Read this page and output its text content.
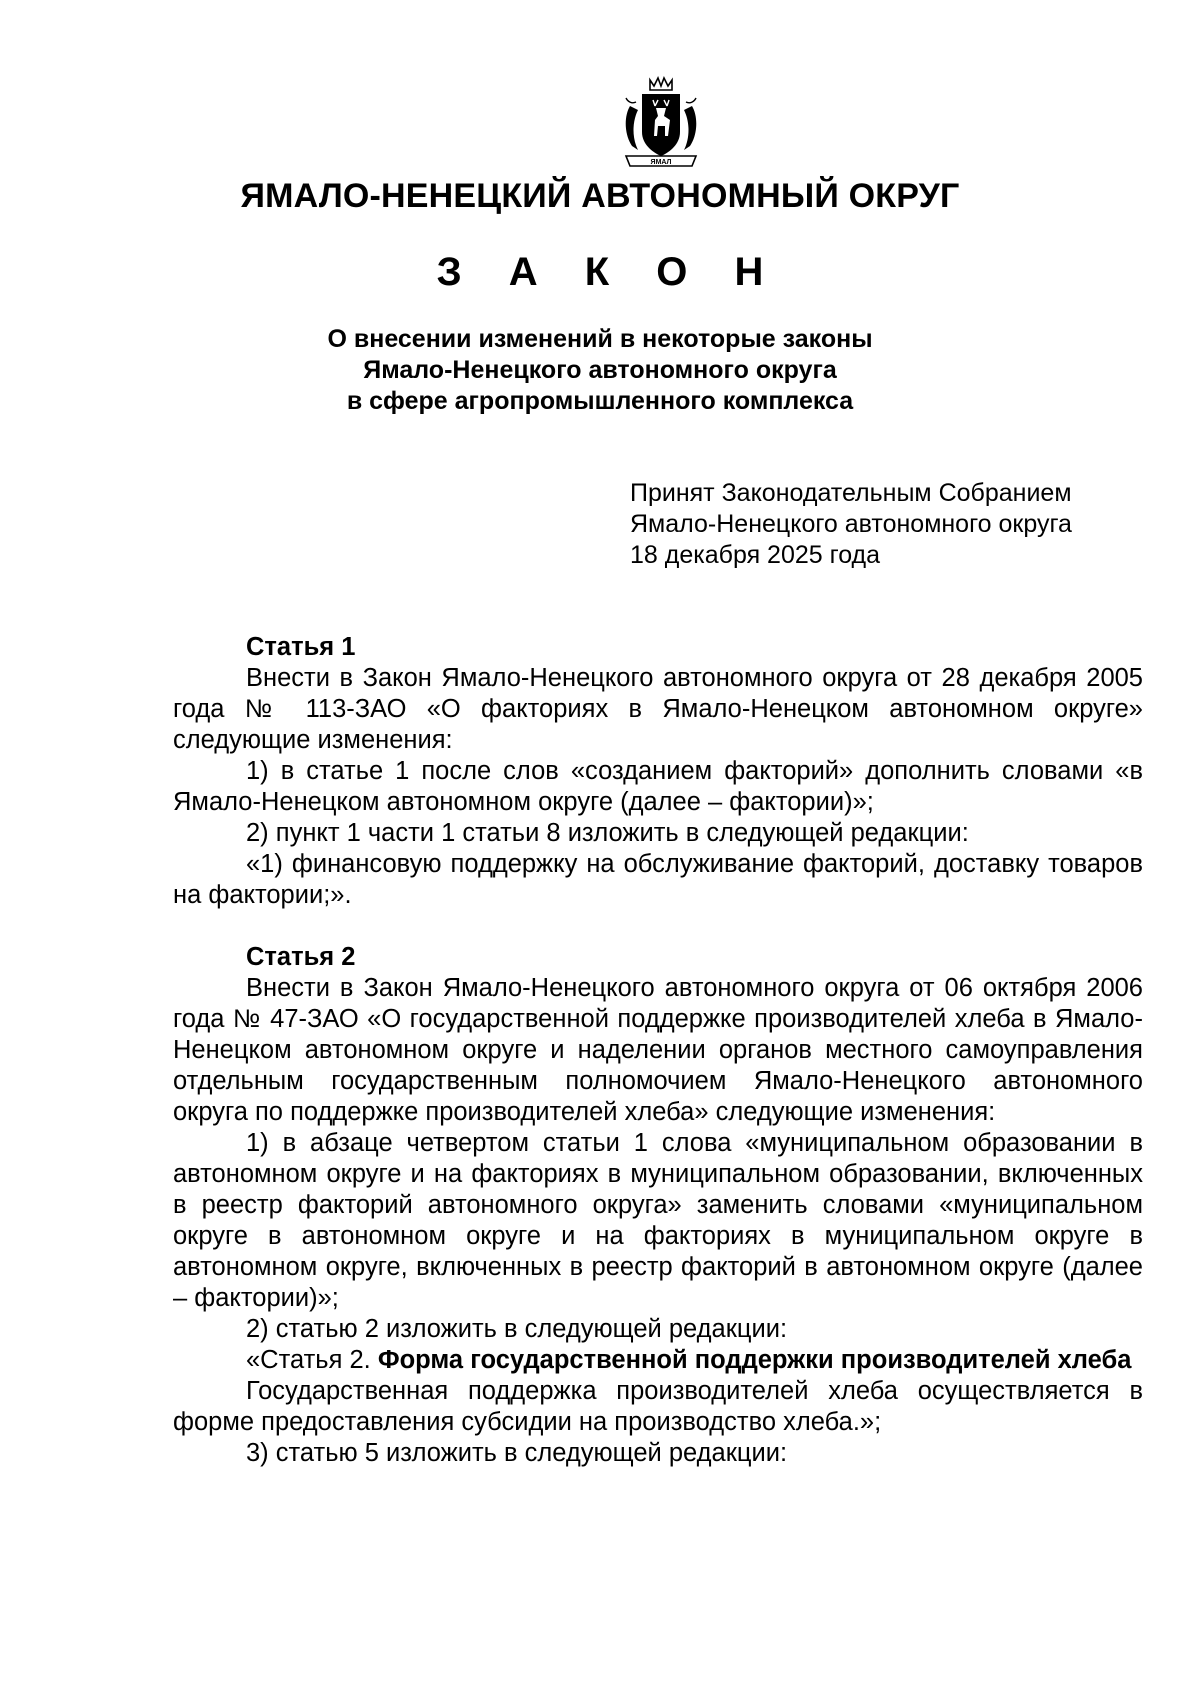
ЯМАЛ
ЯМАЛО-НЕНЕЦКИЙ АВТОНОМНЫЙ ОКРУГ
З А К О Н
О внесении изменений в некоторые законы
Ямало-Ненецкого автономного округа
в сфере агропромышленного комплекса
Принят Законодательным Собранием
Ямало-Ненецкого автономного округа
18 декабря 2025 года

Статья 1

Внести в Закон Ямало-Ненецкого автономного округа от 28 декабря 2005 года № 113-ЗАО «О факториях в Ямало-Ненецком автономном округе» следующие изменения:

1) в статье 1 после слов «созданием факторий» дополнить словами «в Ямало-Ненецком автономном округе (далее – фактории)»;

2) пункт 1 части 1 статьи 8 изложить в следующей редакции:

«1) финансовую поддержку на обслуживание факторий, доставку товаров на фактории;».

Статья 2

Внести в Закон Ямало-Ненецкого автономного округа от 06 октября 2006 года № 47-ЗАО «О государственной поддержке производителей хлеба в Ямало-Ненецком автономном округе и наделении органов местного самоуправления отдельным государственным полномочием Ямало-Ненецкого автономного округа по поддержке производителей хлеба» следующие изменения:

1) в абзаце четвертом статьи 1 слова «муниципальном образовании в автономном округе и на факториях в муниципальном образовании, включенных в реестр факторий автономного округа» заменить словами «муниципальном округе в автономном округе и на факториях в муниципальном округе в автономном округе, включенных в реестр факторий в автономном округе (далее – фактории)»;

2) статью 2 изложить в следующей редакции:

«Статья 2. Форма государственной поддержки производителей хлеба

Государственная поддержка производителей хлеба осуществляется в форме предоставления субсидии на производство хлеба.»;

3) статью 5 изложить в следующей редакции:
